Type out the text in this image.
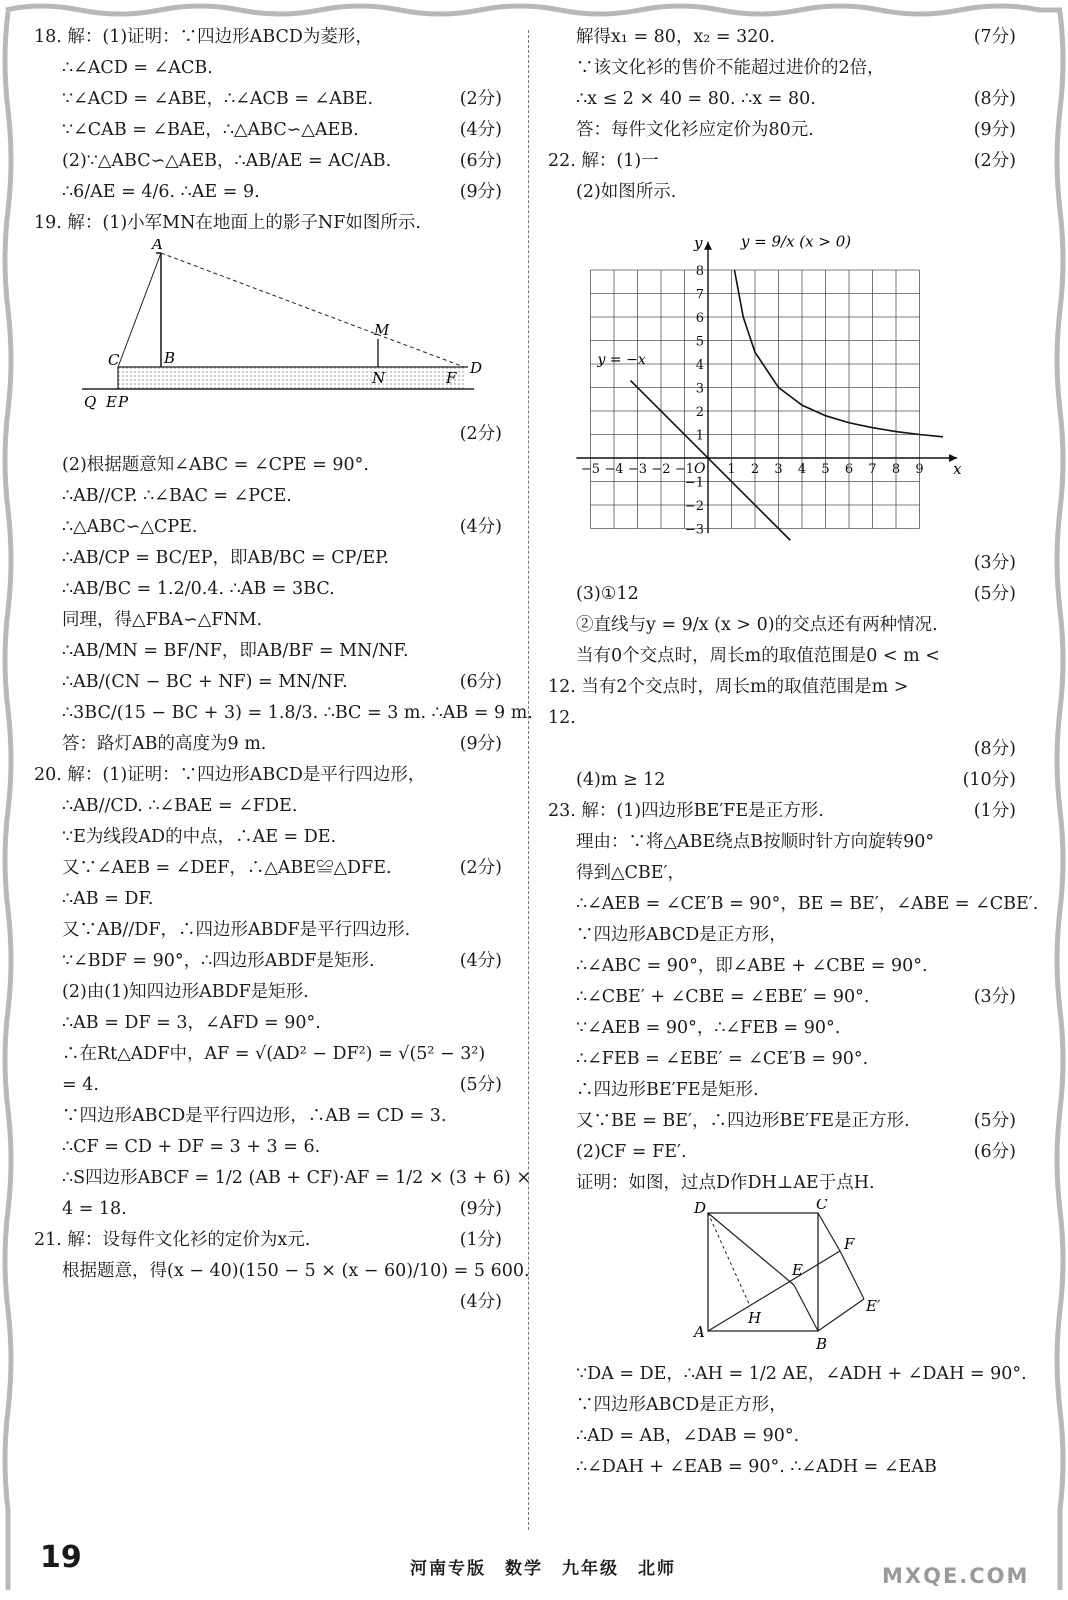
18. 解：(1)证明：∵四边形ABCD为菱形，
∴∠ACD = ∠ACB.
∵∠ACD = ∠ABE，∴∠ACB = ∠ABE.	(2分)
∵∠CAB = ∠BAE，∴△ABC∽△AEB.	(4分)
(2)∵△ABC∽△AEB，∴AB/AE = AC/AB.	(6分)
∴6/AE = 4/6. ∴AE = 9.	(9分)
19. 解：(1)小军MN在地面上的影子NF如图所示.
A
B
C
M
N	F
D
Q E P
(2分)
(2)根据题意知∠ABC = ∠CPE = 90°.
∴AB//CP. ∴∠BAC = ∠PCE.
∴△ABC∽△CPE.	(4分)
∴AB/CP = BC/EP，即AB/BC = CP/EP.
∴AB/BC = 1.2/0.4. ∴AB = 3BC.
同理，得△FBA∽△FNM.
∴AB/MN = BF/NF，即AB/BF = MN/NF.
∴AB/(CN − BC + NF) = MN/NF.	(6分)
∴3BC/(15 − BC + 3) = 1.8/3. ∴BC = 3 m. ∴AB = 9 m.
答：路灯AB的高度为9 m.	(9分)
20. 解：(1)证明：∵四边形ABCD是平行四边形，
∴AB//CD. ∴∠BAE = ∠FDE.
∵E为线段AD的中点，∴AE = DE.
又∵∠AEB = ∠DEF，∴△ABE≌△DFE.	(2分)
∴AB = DF.
又∵AB//DF，∴四边形ABDF是平行四边形.
∵∠BDF = 90°，∴四边形ABDF是矩形.	(4分)
(2)由(1)知四边形ABDF是矩形.
∴AB = DF = 3，∠AFD = 90°.
∴在Rt△ADF中，AF = √(AD² − DF²) = √(5² − 3²)
= 4.	(5分)
∵四边形ABCD是平行四边形，∴AB = CD = 3.
∴CF = CD + DF = 3 + 3 = 6.
∴S四边形ABCF = 1/2 (AB + CF)·AF = 1/2 × (3 + 6) ×
4 = 18.	(9分)
21. 解：设每件文化衫的定价为x元.	(1分)
根据题意，得(x − 40)(150 − 5 × (x − 60)/10) = 5 600.
(4分)
解得x₁ = 80，x₂ = 320.	(7分)
∵该文化衫的售价不能超过进价的2倍，
∴x ≤ 2 × 40 = 80. ∴x = 80.	(8分)
答：每件文化衫应定价为80元.	(9分)
22. 解：(1)一	(2分)
(2)如图所示.
x
y
O
−5 −4 −3 −2 −1	1 2 3 4 5 6 7 8 9
8
7
6
5
4
3
2
1
−1
−2
−3
y = 9/x (x > 0)
y = −x
(3分)
(3)①12	(5分)
②直线与y = 9/x (x > 0)的交点还有两种情况.
当有0个交点时，周长m的取值范围是0 < m <
12. 当有2个交点时，周长m的取值范围是m >
12.
(8分)
(4)m ≥ 12	(10分)
23. 解：(1)四边形BE′FE是正方形.	(1分)
理由：∵将△ABE绕点B按顺时针方向旋转90°
得到△CBE′，
∴∠AEB = ∠CE′B = 90°，BE = BE′，∠ABE = ∠CBE′.
∵四边形ABCD是正方形，
∴∠ABC = 90°，即∠ABE + ∠CBE = 90°.
∴∠CBE′ + ∠CBE = ∠EBE′ = 90°.	(3分)
∵∠AEB = 90°，∴∠FEB = 90°.
∴∠FEB = ∠EBE′ = ∠CE′B = 90°.
∴四边形BE′FE是矩形.
又∵BE = BE′，∴四边形BE′FE是正方形.	(5分)
(2)CF = FE′.	(6分)
证明：如图，过点D作DH⊥AE于点H.
D	C
E
F
H
A
B
E′
∵DA = DE，∴AH = 1/2 AE，∠ADH + ∠DAH = 90°.
∵四边形ABCD是正方形，
∴AD = AB，∠DAB = 90°.
∴∠DAH + ∠EAB = 90°. ∴∠ADH = ∠EAB
19	河南专版　数学　九年级　北师	MXQE.COM
